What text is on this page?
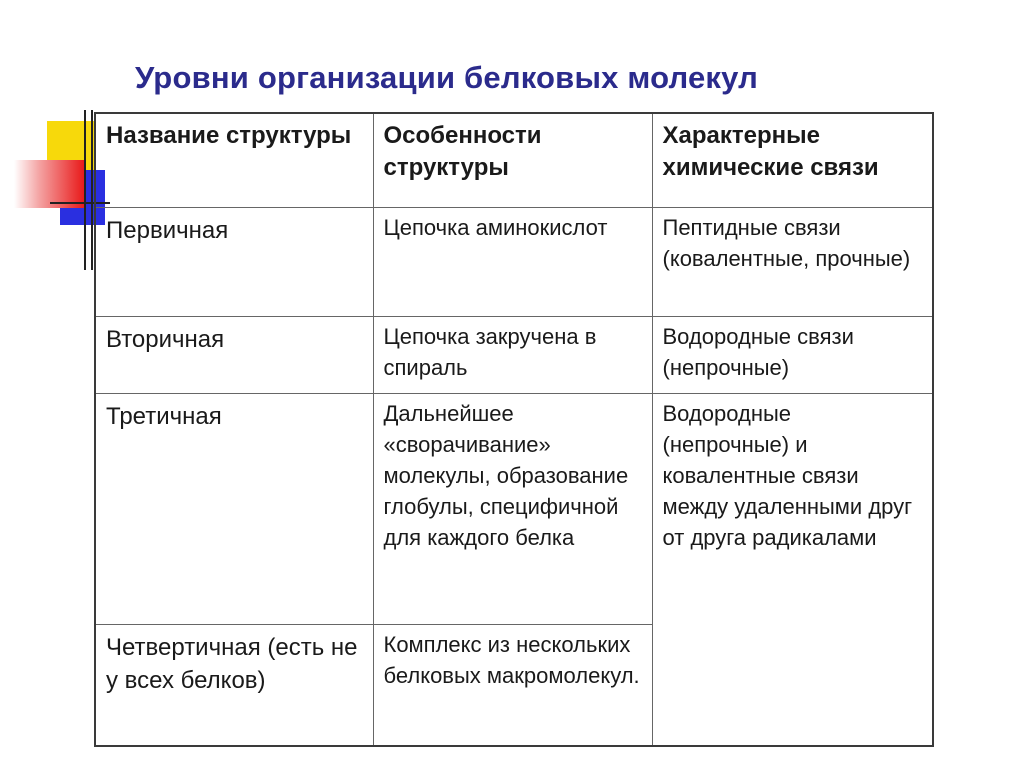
Уровни организации белковых молекул
Название структуры	Особенности структуры	Характерные химические связи
Первичная	Цепочка аминокислот	Пептидные связи (ковалентные, прочные)
Вторичная	Цепочка закручена в спираль	Водородные связи (непрочные)
Третичная	Дальнейшее «сворачивание» молекулы, образование глобулы, специфичной для каждого белка	Водородные (непрочные) и ковалентные связи между удаленными друг от друга радикалами
Четвертичная (есть не у всех белков)	Комплекс из нескольких белковых макромолекул.	
